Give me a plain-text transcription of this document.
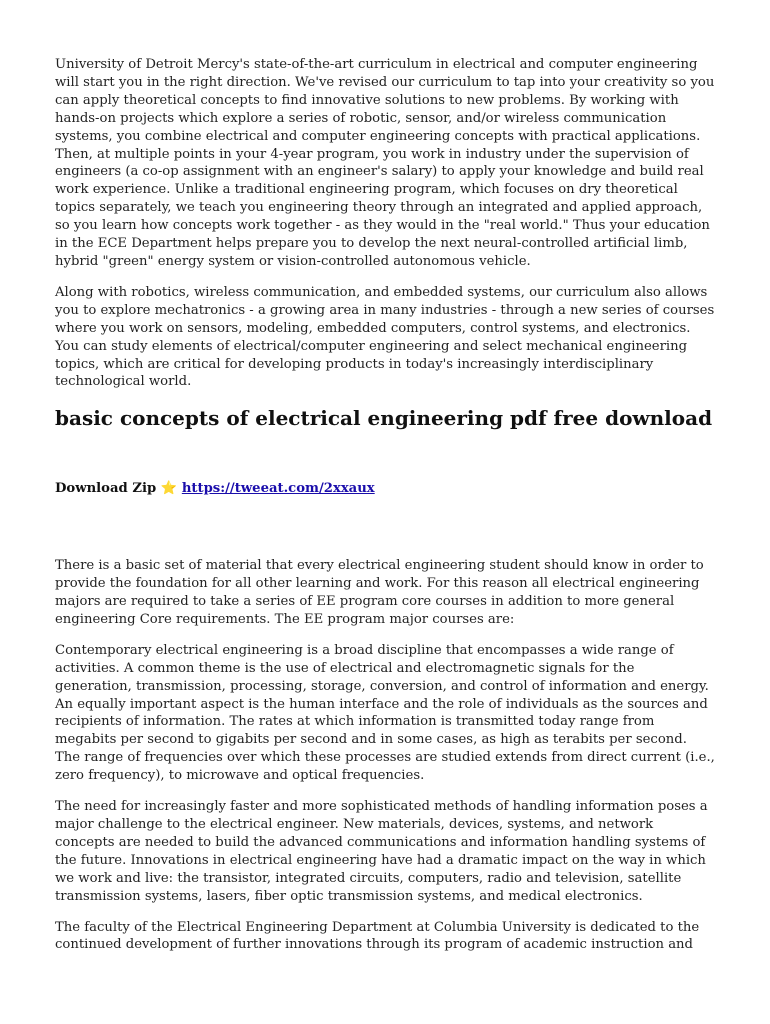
University of Detroit Mercy's state-of-the-art curriculum in electrical and computer engineering will start you in the right direction. We've revised our curriculum to tap into your creativity so you can apply theoretical concepts to find innovative solutions to new problems. By working with hands-on projects which explore a series of robotic, sensor, and/or wireless communication systems, you combine electrical and computer engineering concepts with practical applications. Then, at multiple points in your 4-year program, you work in industry under the supervision of engineers (a co-op assignment with an engineer's salary) to apply your knowledge and build real work experience. Unlike a traditional engineering program, which focuses on dry theoretical topics separately, we teach you engineering theory through an integrated and applied approach, so you learn how concepts work together - as they would in the "real world." Thus your education in the ECE Department helps prepare you to develop the next neural-controlled artificial limb, hybrid "green" energy system or vision-controlled autonomous vehicle.

Along with robotics, wireless communication, and embedded systems, our curriculum also allows you to explore mechatronics - a growing area in many industries - through a new series of courses where you work on sensors, modeling, embedded computers, control systems, and electronics. You can study elements of electrical/computer engineering and select mechanical engineering topics, which are critical for developing products in today's increasingly interdisciplinary technological world.

basic concepts of electrical engineering pdf free download
Download Zip ⭐ https://tweeat.com/2xxaux

There is a basic set of material that every electrical engineering student should know in order to provide the foundation for all other learning and work. For this reason all electrical engineering majors are required to take a series of EE program core courses in addition to more general engineering Core requirements. The EE program major courses are:

Contemporary electrical engineering is a broad discipline that encompasses a wide range of activities. A common theme is the use of electrical and electromagnetic signals for the generation, transmission, processing, storage, conversion, and control of information and energy. An equally important aspect is the human interface and the role of individuals as the sources and recipients of information. The rates at which information is transmitted today range from megabits per second to gigabits per second and in some cases, as high as terabits per second. The range of frequencies over which these processes are studied extends from direct current (i.e., zero frequency), to microwave and optical frequencies.

The need for increasingly faster and more sophisticated methods of handling information poses a major challenge to the electrical engineer. New materials, devices, systems, and network concepts are needed to build the advanced communications and information handling systems of the future. Innovations in electrical engineering have had a dramatic impact on the way in which we work and live: the transistor, integrated circuits, computers, radio and television, satellite transmission systems, lasers, fiber optic transmission systems, and medical electronics.

The faculty of the Electrical Engineering Department at Columbia University is dedicated to the continued development of further innovations through its program of academic instruction and
